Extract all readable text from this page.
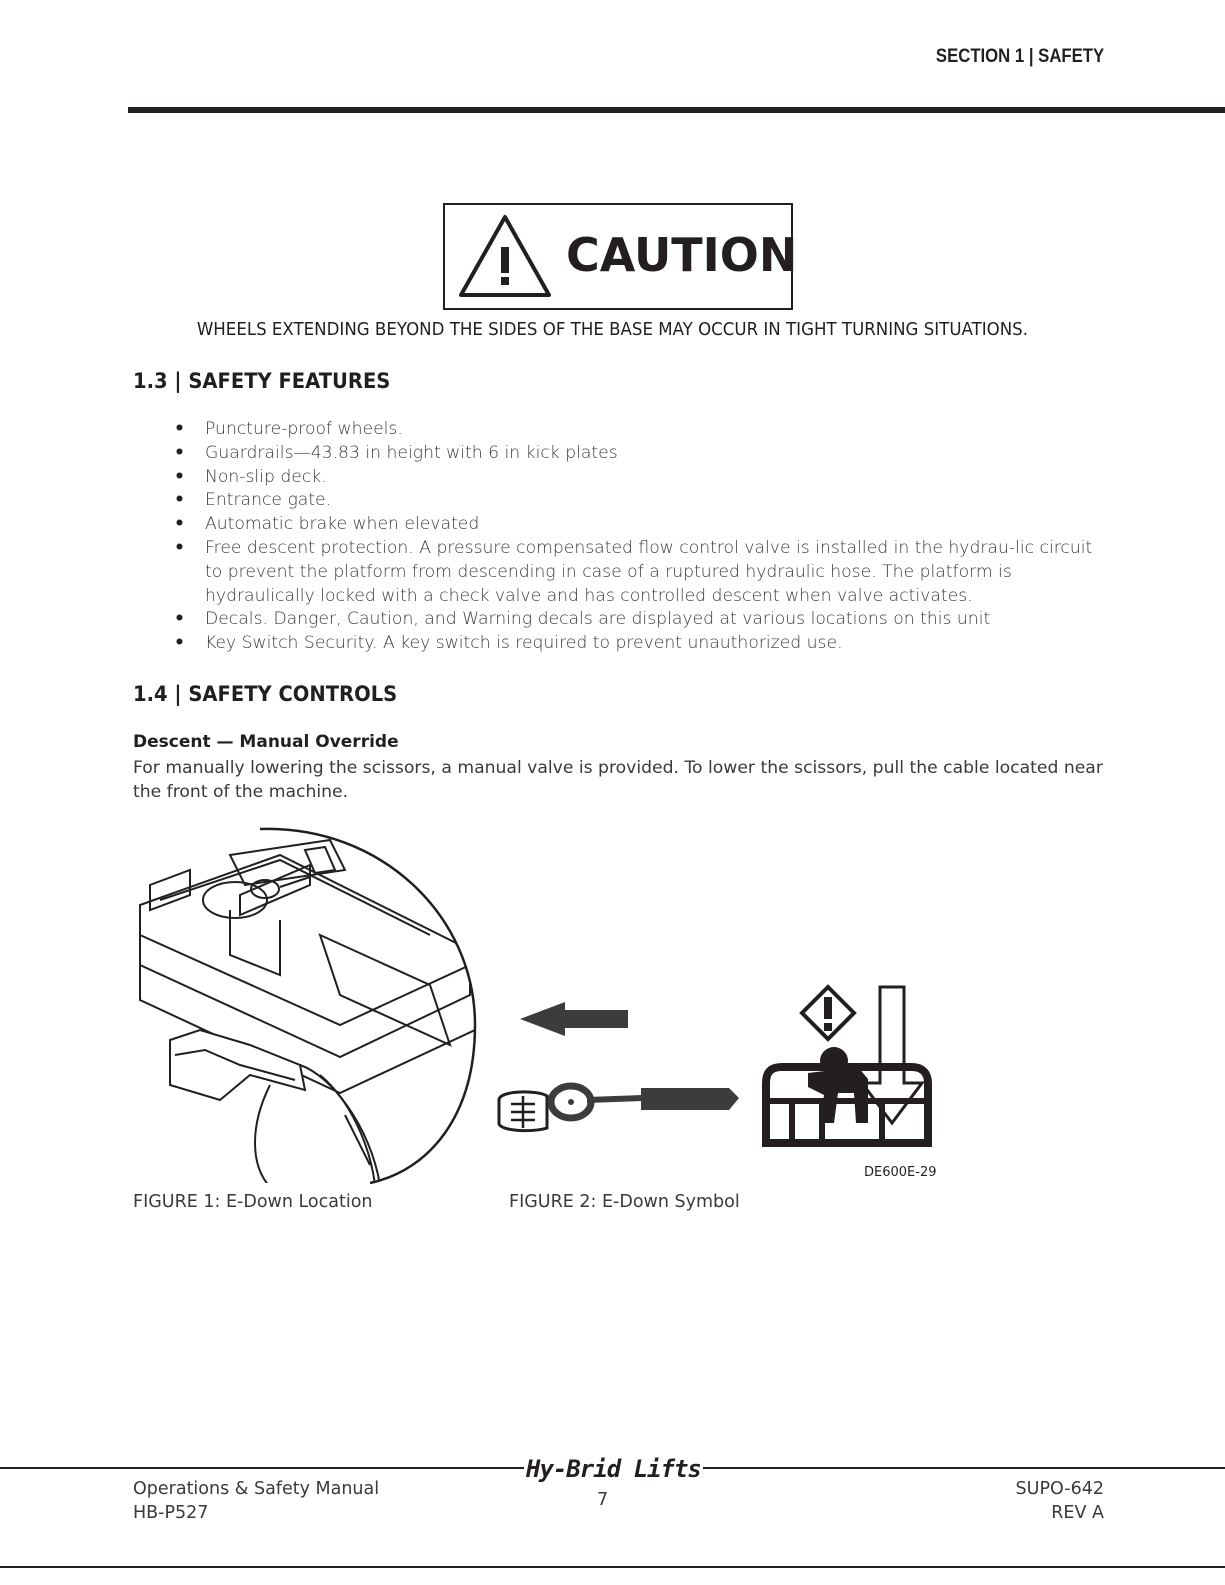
SECTION 1 | SAFETY
CAUTION
WHEELS EXTENDING BEYOND THE SIDES OF THE BASE MAY OCCUR IN TIGHT TURNING SITUATIONS.
1.3 | SAFETY FEATURES
• Puncture-proof wheels.
• Guardrails—43.83 in height with 6 in kick plates
• Non-slip deck.
• Entrance gate.
• Automatic brake when elevated
• Free descent protection. A pressure compensated flow control valve is installed in the hydrau-lic circuit to prevent the platform from descending in case of a ruptured hydraulic hose. The platform is hydraulically locked with a check valve and has controlled descent when valve activates.
• Decals. Danger, Caution, and Warning decals are displayed at various locations on this unit
• Key Switch Security. A key switch is required to prevent unauthorized use.
1.4 | SAFETY CONTROLS
Descent — Manual Override
For manually lowering the scissors, a manual valve is provided. To lower the scissors, pull the cable located near the front of the machine.
DE600E-29
FIGURE 1: E-Down Location	FIGURE 2: E-Down Symbol
Hy-Brid Lifts
Operations & Safety Manual
HB-P527
7
SUPO-642
REV A
